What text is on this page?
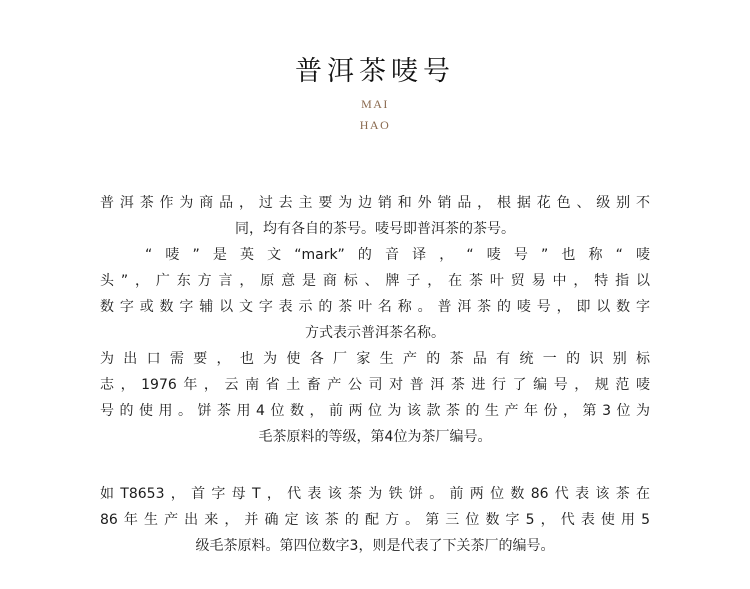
普洱茶唛号
MAI
HAO
普洱茶作为商品，过去主要为边销和外销品，根据花色、级别不
同，均有各自的茶号。唛号即普洱茶的茶号。
“唛”是英文“mark”的音译，“唛号”也称“唛
头”，广东方言，原意是商标、牌子，在茶叶贸易中，特指以
数字或数字辅以文字表示的茶叶名称。普洱茶的唛号，即以数字
方式表示普洱茶名称。
为出口需要，也为使各厂家生产的茶品有统一的识别标
志，1976年，云南省土畜产公司对普洱茶进行了编号，规范唛
号的使用。饼茶用4位数，前两位为该款茶的生产年份，第3位为
毛茶原料的等级，第4位为茶厂编号。
如T8653，首字母T，代表该茶为铁饼。前两位数86代表该茶在
86年生产出来，并确定该茶的配方。第三位数字5，代表使用5
级毛茶原料。第四位数字3，则是代表了下关茶厂的编号。
